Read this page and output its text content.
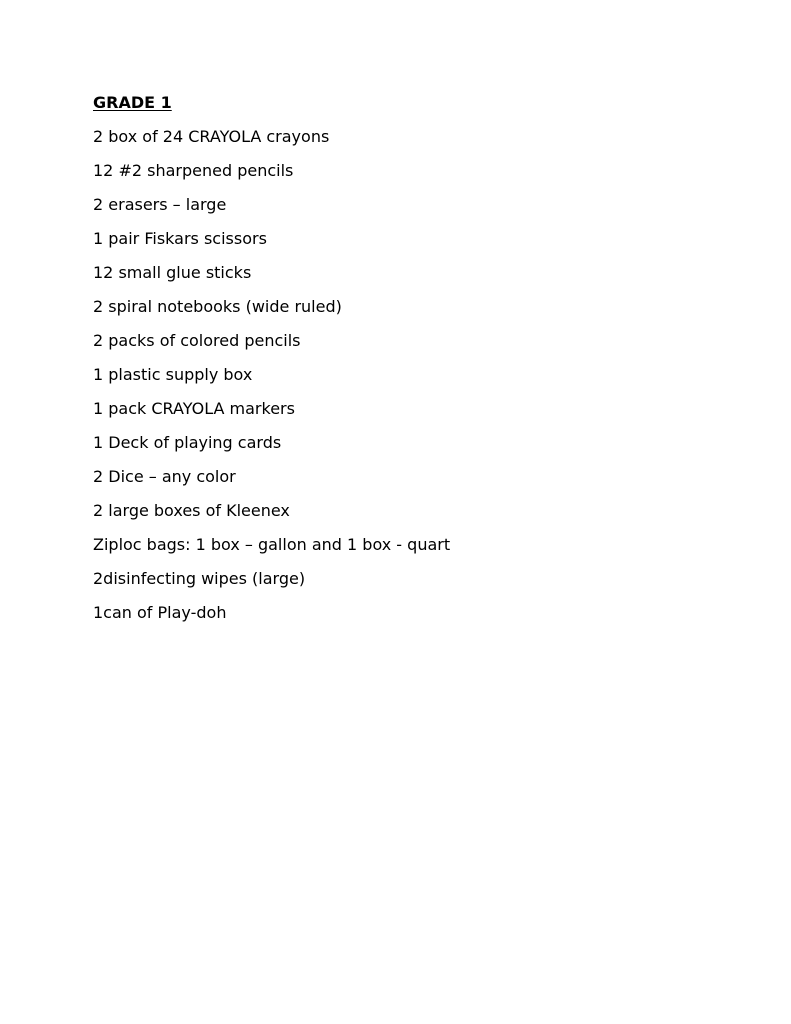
GRADE 1
2 box of 24 CRAYOLA crayons
12 #2 sharpened pencils
2 erasers – large
1 pair Fiskars scissors
12 small glue sticks
2 spiral notebooks (wide ruled)
2 packs of colored pencils
1 plastic supply box
1 pack CRAYOLA markers
1 Deck of playing cards
2 Dice – any color
2 large boxes of Kleenex
Ziploc bags: 1 box – gallon and 1 box - quart
2disinfecting wipes (large)
1can of Play-doh
